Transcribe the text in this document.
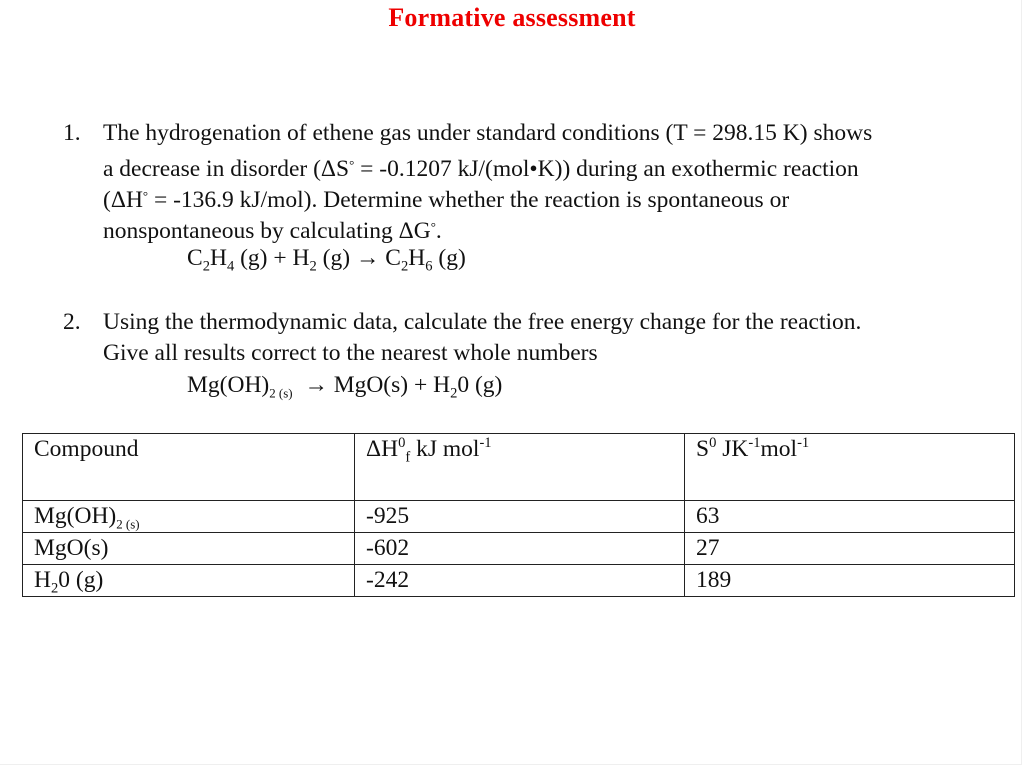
Formative assessment
1. The hydrogenation of ethene gas under standard conditions (T = 298.15 K) shows
a decrease in disorder (ΔS° = -0.1207 kJ/(mol•K)) during an exothermic reaction
(ΔH° = -136.9 kJ/mol). Determine whether the reaction is spontaneous or
nonspontaneous by calculating ΔG°.
$C_2H_4$ $(g) + H_2$ $(g) \to C_2H_6$ (g)
2. Using the thermodynamic data, calculate the free energy change for the reaction.
Give all results correct to the nearest whole numbers
$Mg(OH)_{2 (s)} \to MgO(s) + H_20$ (g)
Compound	$\Delta H^0_f$ kJ mol$^{-1}$	$S^0$ $JK^{-1}mol^{-1}$
$Mg(OH)_{2 (s)}$	-925	63
MgO(s)	-602	27
$H_20$ (g)	-242	189
